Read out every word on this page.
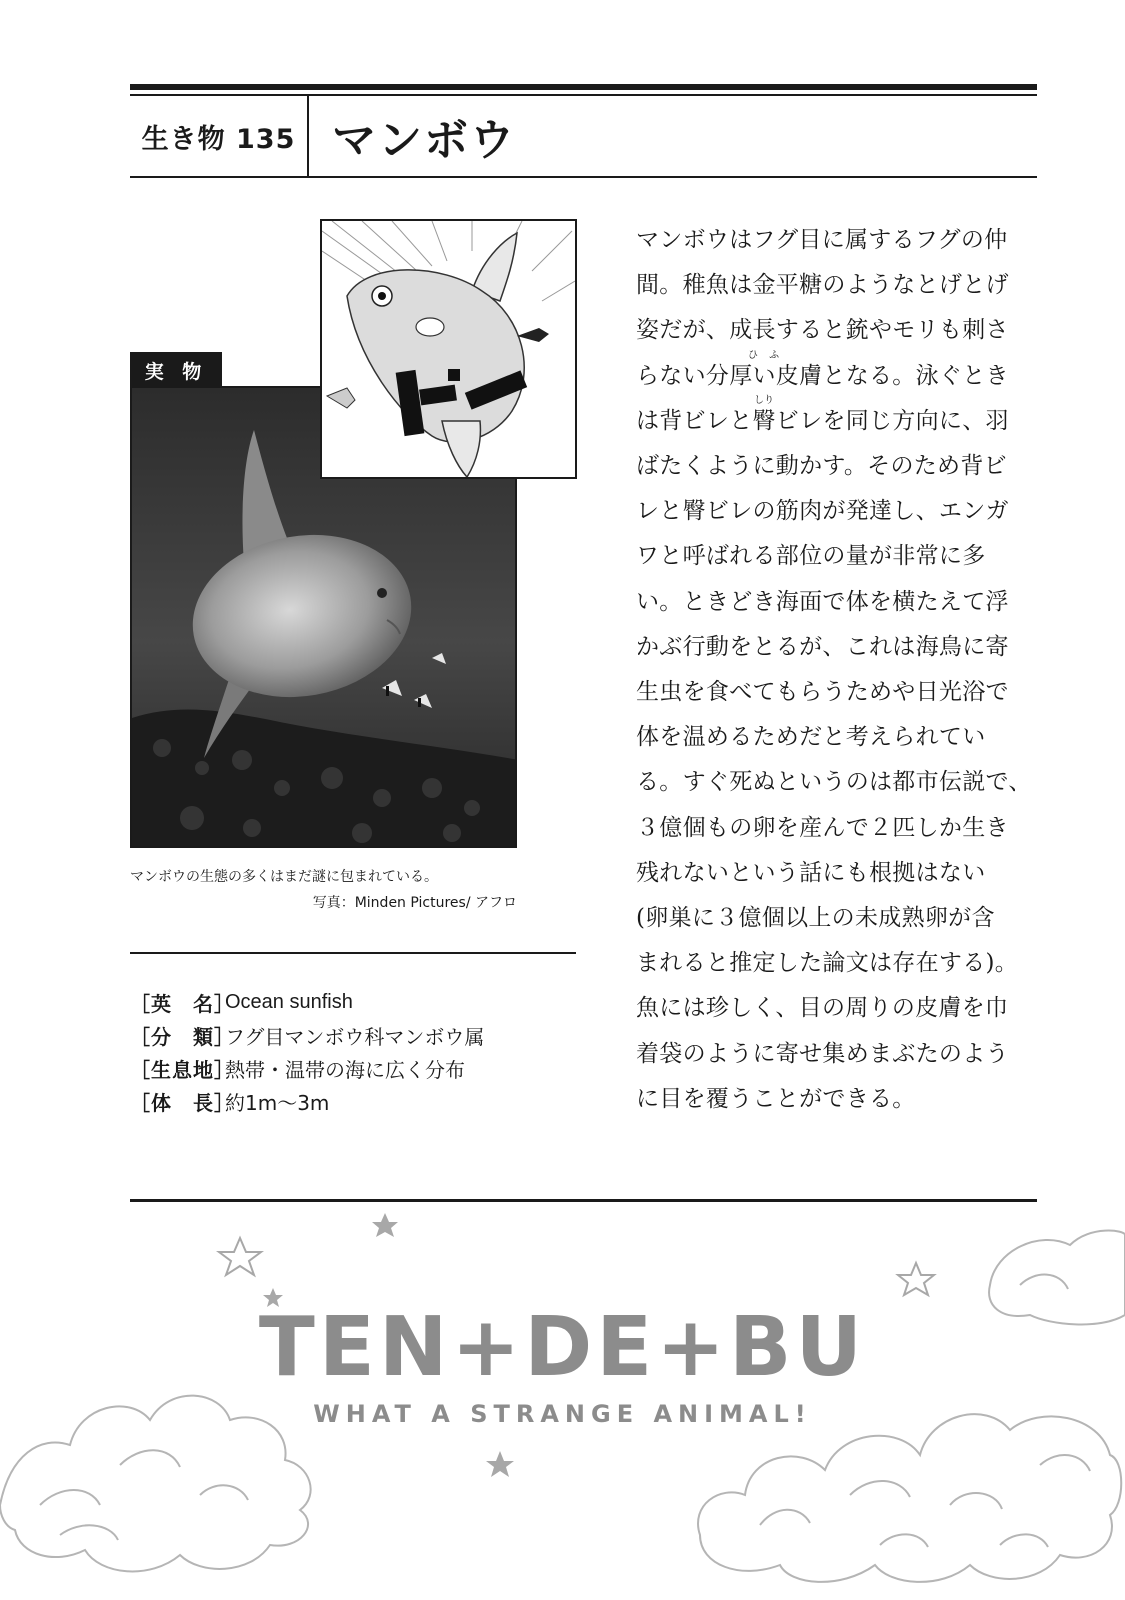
生き物 135 マンボウ
実 物
マンボウの生態の多くはまだ謎に包まれている。
写真：Minden Pictures/ アフロ
［英　名］
Ocean sunfish
［分　類］
フグ目マンボウ科マンボウ属
［生息地］
熱帯・温帯の海に広く分布
［体　長］
約1m〜3m
ひ ふ
しり
マンボウはフグ目に属するフグの仲
間。稚魚は金平糖のようなとげとげ
姿だが、成長すると銃やモリも刺さ
らない分厚い皮膚となる。泳ぐとき
は背ビレと臀ビレを同じ方向に、羽
ばたくように動かす。そのため背ビ
レと臀ビレの筋肉が発達し、エンガ
ワと呼ばれる部位の量が非常に多
い。ときどき海面で体を横たえて浮
かぶ行動をとるが、これは海鳥に寄
生虫を食べてもらうためや日光浴で
体を温めるためだと考えられてい
る。すぐ死ぬというのは都市伝説で、
３億個もの卵を産んで２匹しか生き
残れないという話にも根拠はない
(卵巣に３億個以上の未成熟卵が含
まれると推定した論文は存在する)。
魚には珍しく、目の周りの皮膚を巾
着袋のように寄せ集めまぶたのよう
に目を覆うことができる。
TEN+DE+BU
WHAT A STRANGE ANIMAL!
